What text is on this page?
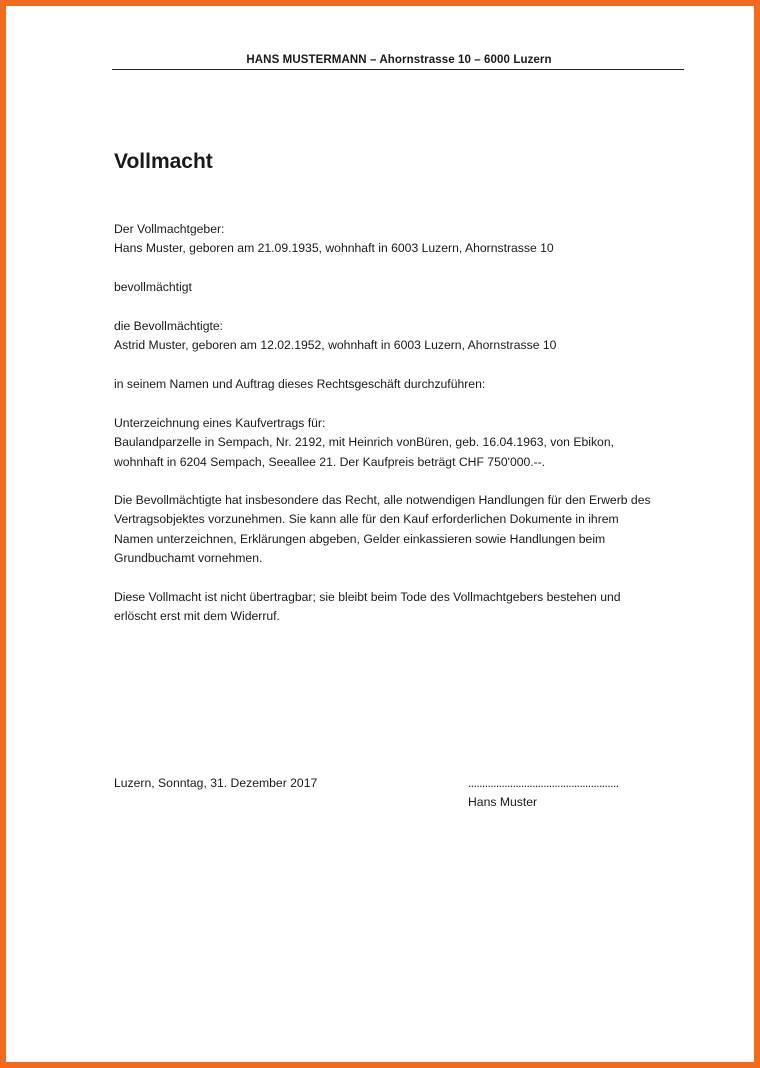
HANS MUSTERMANN – Ahornstrasse 10 – 6000 Luzern
Vollmacht

Der Vollmachtgeber:
Hans Muster, geboren am 21.09.1935, wohnhaft in 6003 Luzern, Ahornstrasse 10

bevollmächtigt

die Bevollmächtigte:
Astrid Muster, geboren am 12.02.1952, wohnhaft in 6003 Luzern, Ahornstrasse 10

in seinem Namen und Auftrag dieses Rechtsgeschäft durchzuführen:

Unterzeichnung eines Kaufvertrags für:
Baulandparzelle in Sempach, Nr. 2192, mit Heinrich vonBüren, geb. 16.04.1963, von Ebikon,
wohnhaft in 6204 Sempach, Seeallee 21. Der Kaufpreis beträgt CHF 750'000.--.

Die Bevollmächtigte hat insbesondere das Recht, alle notwendigen Handlungen für den Erwerb des
Vertragsobjektes vorzunehmen. Sie kann alle für den Kauf erforderlichen Dokumente in ihrem
Namen unterzeichnen, Erklärungen abgeben, Gelder einkassieren sowie Handlungen beim
Grundbuchamt vornehmen.

Diese Vollmacht ist nicht übertragbar; sie bleibt beim Tode des Vollmachtgebers bestehen und
erlöscht erst mit dem Widerruf.

Luzern, Sonntag, 31. Dezember 2017	......................................................
Hans Muster
